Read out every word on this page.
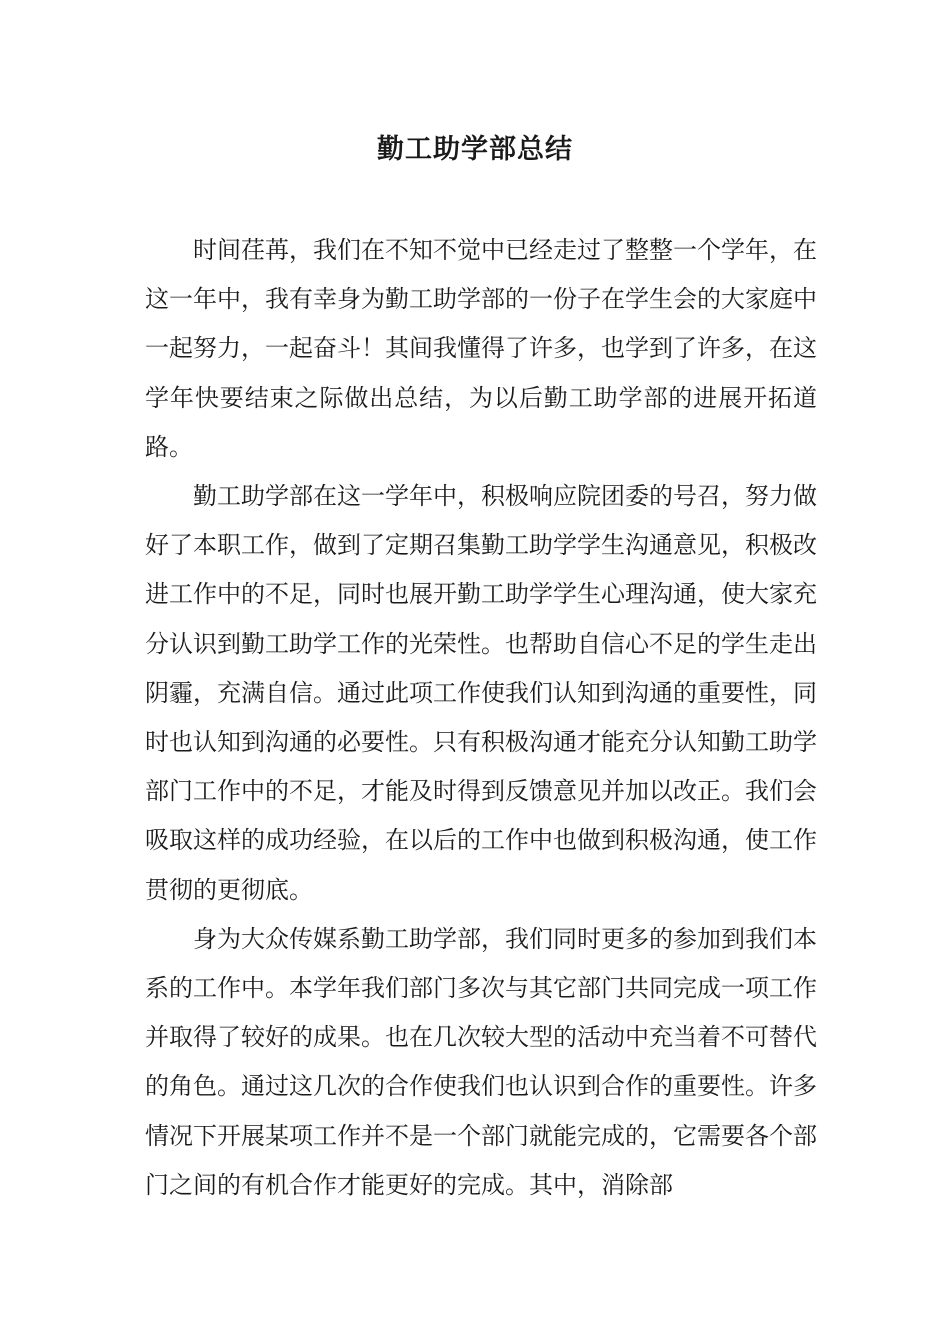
勤工助学部总结

时间荏苒，我们在不知不觉中已经走过了整整一个学年，在这一年中，我有幸身为勤工助学部的一份子在学生会的大家庭中一起努力，一起奋斗！其间我懂得了许多，也学到了许多，在这学年快要结束之际做出总结，为以后勤工助学部的进展开拓道路。

勤工助学部在这一学年中，积极响应院团委的号召，努力做好了本职工作，做到了定期召集勤工助学学生沟通意见，积极改进工作中的不足，同时也展开勤工助学学生心理沟通，使大家充分认识到勤工助学工作的光荣性。也帮助自信心不足的学生走出阴霾，充满自信。通过此项工作使我们认知到沟通的重要性，同时也认知到沟通的必要性。只有积极沟通才能充分认知勤工助学部门工作中的不足，才能及时得到反馈意见并加以改正。我们会吸取这样的成功经验，在以后的工作中也做到积极沟通，使工作贯彻的更彻底。

身为大众传媒系勤工助学部，我们同时更多的参加到我们本系的工作中。本学年我们部门多次与其它部门共同完成一项工作并取得了较好的成果。也在几次较大型的活动中充当着不可替代的角色。通过这几次的合作使我们也认识到合作的重要性。许多情况下开展某项工作并不是一个部门就能完成的，它需要各个部门之间的有机合作才能更好的完成。其中，消除部
